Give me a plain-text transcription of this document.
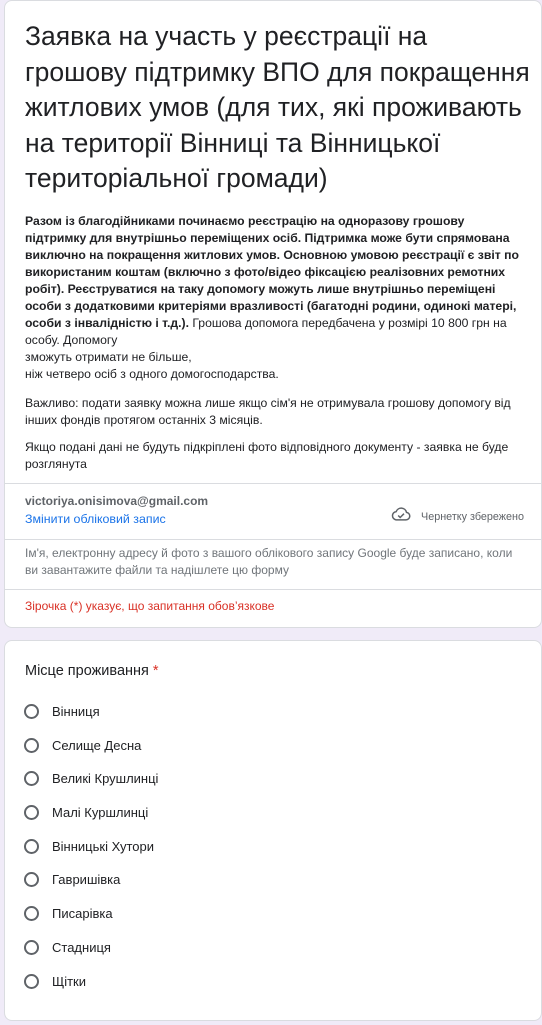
Заявка на участь у реєстрації на грошову підтримку ВПО для покращення житлових умов (для тих, які проживають на території Вінниці та Вінницької територіальної громади)
Разом із благодійниками починаємо реєстрацію на одноразову грошову підтримку для внутрішньо переміщених осіб. Підтримка може бути спрямована виключно на покращення житлових умов. Основною умовою реєстрації є звіт по використаним коштам (включно з фото/відео фіксацією реалізовних ремотних робіт). Реєструватися на таку допомогу можуть лише внутрішньо переміщені особи з додатковими критеріями вразливості (багатодні родини, одинокі матері, особи з інвалідністю і т.д.). Грошова допомога передбачена у розмірі 10 800 грн на особу. Допомогу
зможуть отримати не більше,
ніж четверо осіб з одного домогосподарства.
Важливо: подати заявку можна лише якщо сім'я не отримувала грошову допомогу від інших фондів протягом останніх 3 місяців.
Якщо подані дані не будуть підкріплені фото відповідного документу - заявка не буде розглянута
victoriya.onisimova@gmail.com
Змінити обліковий запис	Чернетку збережено
Ім'я, електронну адресу й фото з вашого облікового запису Google буде записано, коли ви завантажите файли та надішлете цю форму
Зірочка (*) указує, що запитання обов’язкове
Місце проживання *
Вінниця
Селище Десна
Великі Крушлинці
Малі Куршлинці
Вінницькі Хутори
Гавришівка
Писарівка
Стадниця
Щітки
